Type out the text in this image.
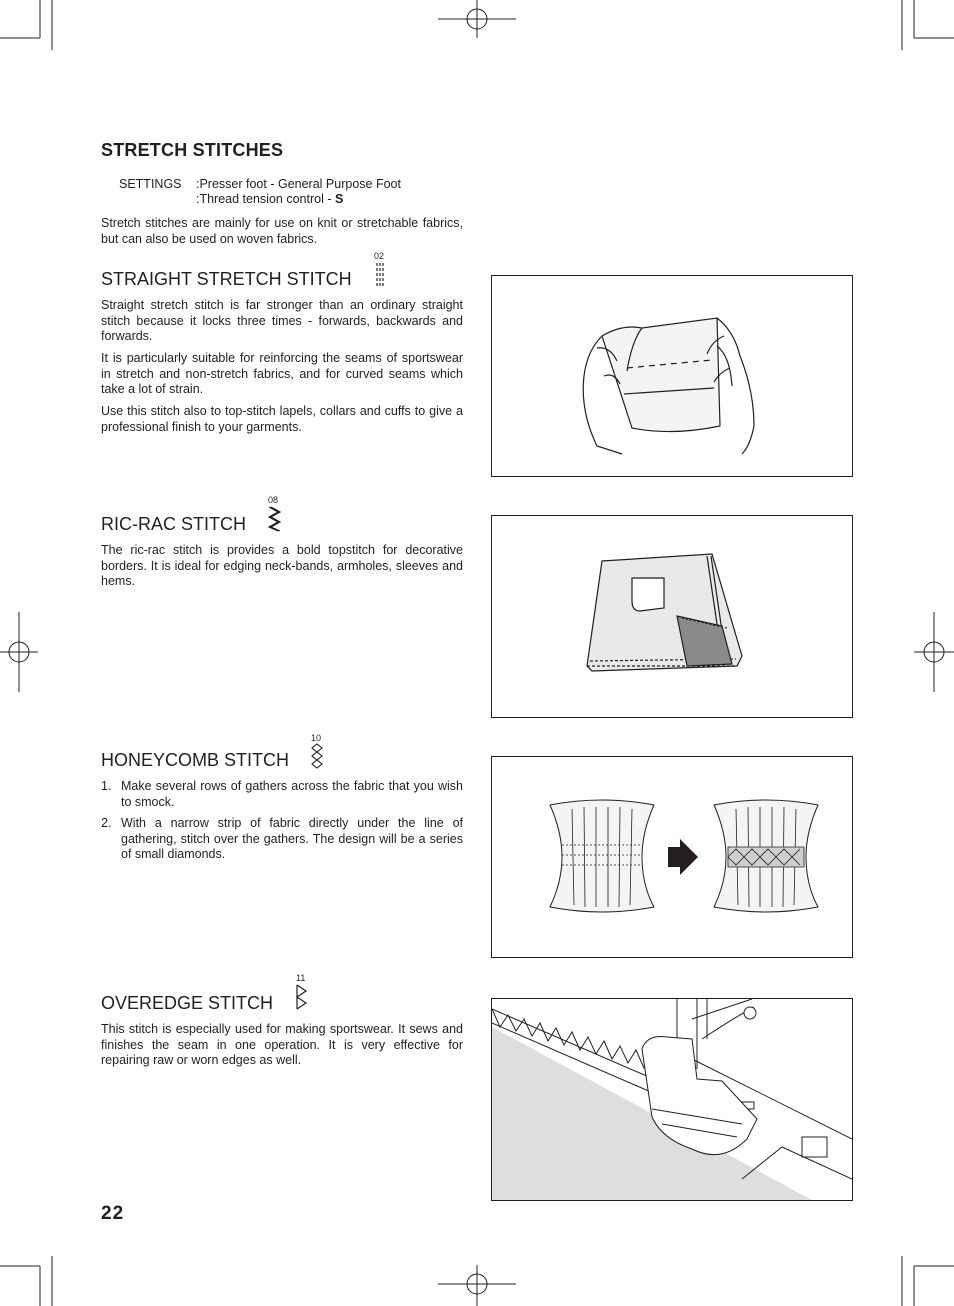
STRETCH STITCHES
SETTINGS	:Presser foot - General Purpose Foot
:Thread tension control - S
Stretch stitches are mainly for use on knit or stretchable fabrics, but can also be used on woven fabrics.
STRAIGHT STRETCH STITCH
02
Straight stretch stitch is far stronger than an ordinary straight stitch because it locks three times - forwards, backwards and forwards.
It is particularly suitable for reinforcing the seams of sportswear in stretch and non-stretch fabrics, and for curved seams which take a lot of strain.
Use this stitch also to top-stitch lapels, collars and cuffs to give a professional finish to your garments.
RIC-RAC STITCH
08
The ric-rac stitch is provides a bold topstitch for decorative borders. It is ideal for edging neck-bands, armholes, sleeves and hems.
HONEYCOMB STITCH
10
1. Make several rows of gathers across the fabric that you wish to smock.
2. With a narrow strip of fabric directly under the line of gathering, stitch over the gathers. The design will be a series of small diamonds.
OVEREDGE STITCH
11
This stitch is especially used for making sportswear. It sews and finishes the seam in one operation. It is very effective for repairing raw or worn edges as well.
22
